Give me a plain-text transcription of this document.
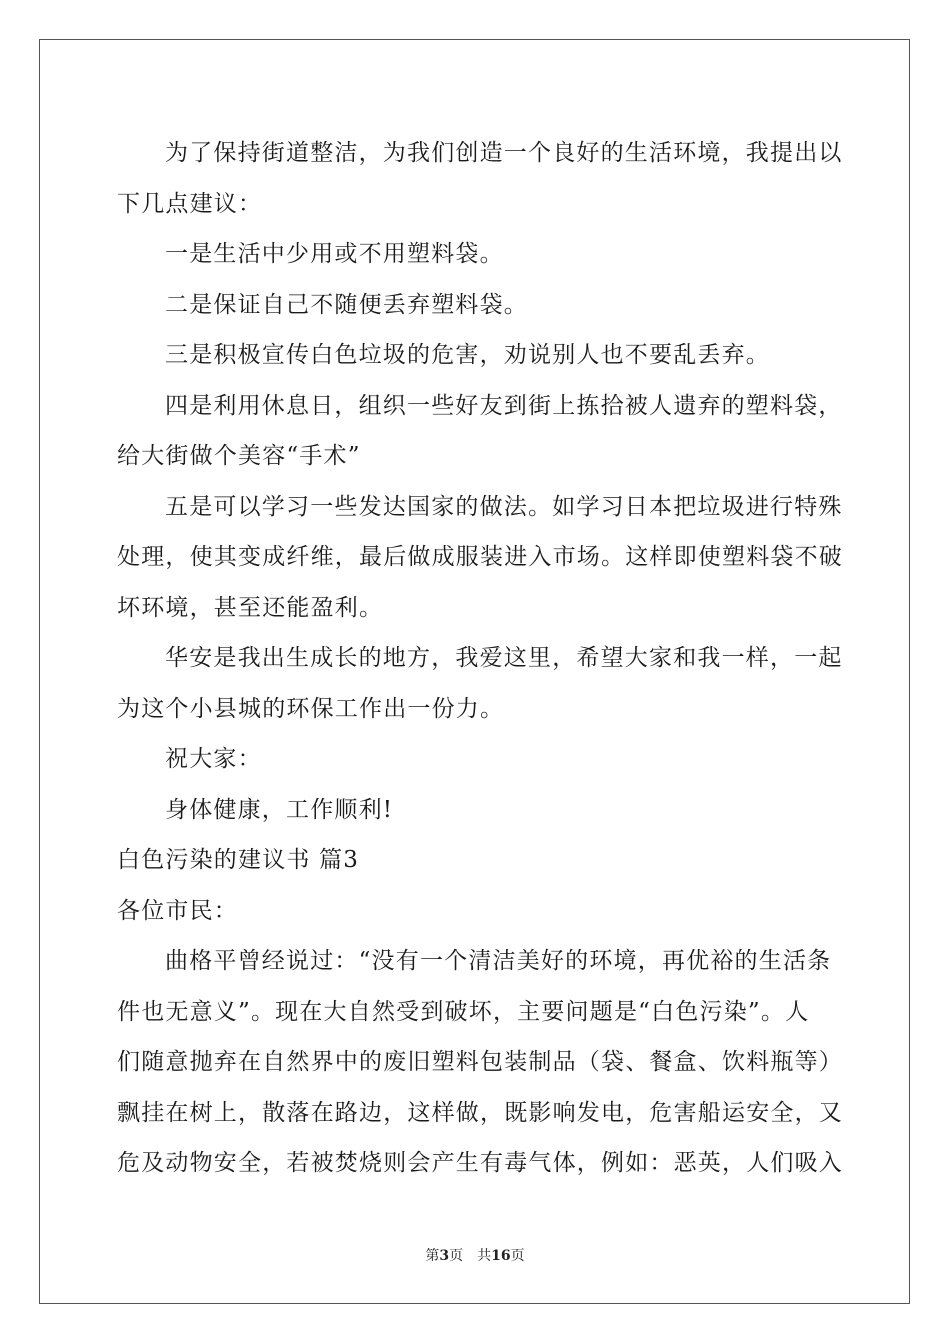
为了保持街道整洁，为我们创造一个良好的生活环境，我提出以
下几点建议：
一是生活中少用或不用塑料袋。
二是保证自己不随便丢弃塑料袋。
三是积极宣传白色垃圾的危害，劝说别人也不要乱丢弃。
四是利用休息日，组织一些好友到街上拣拾被人遗弃的塑料袋，
给大街做个美容“手术”
五是可以学习一些发达国家的做法。如学习日本把垃圾进行特殊
处理，使其变成纤维，最后做成服装进入市场。这样即使塑料袋不破
坏环境，甚至还能盈利。
华安是我出生成长的地方，我爱这里，希望大家和我一样，一起
为这个小县城的环保工作出一份力。
祝大家：
身体健康，工作顺利!
白色污染的建议书 篇3
各位市民：
曲格平曾经说过：“没有一个清洁美好的环境，再优裕的生活条
件也无意义”。现在大自然受到破坏，主要问题是“白色污染”。人
们随意抛弃在自然界中的废旧塑料包装制品（袋、餐盒、饮料瓶等）
飘挂在树上，散落在路边，这样做，既影响发电，危害船运安全，又
危及动物安全，若被焚烧则会产生有毒气体，例如：恶英，人们吸入
第3页　共16页
